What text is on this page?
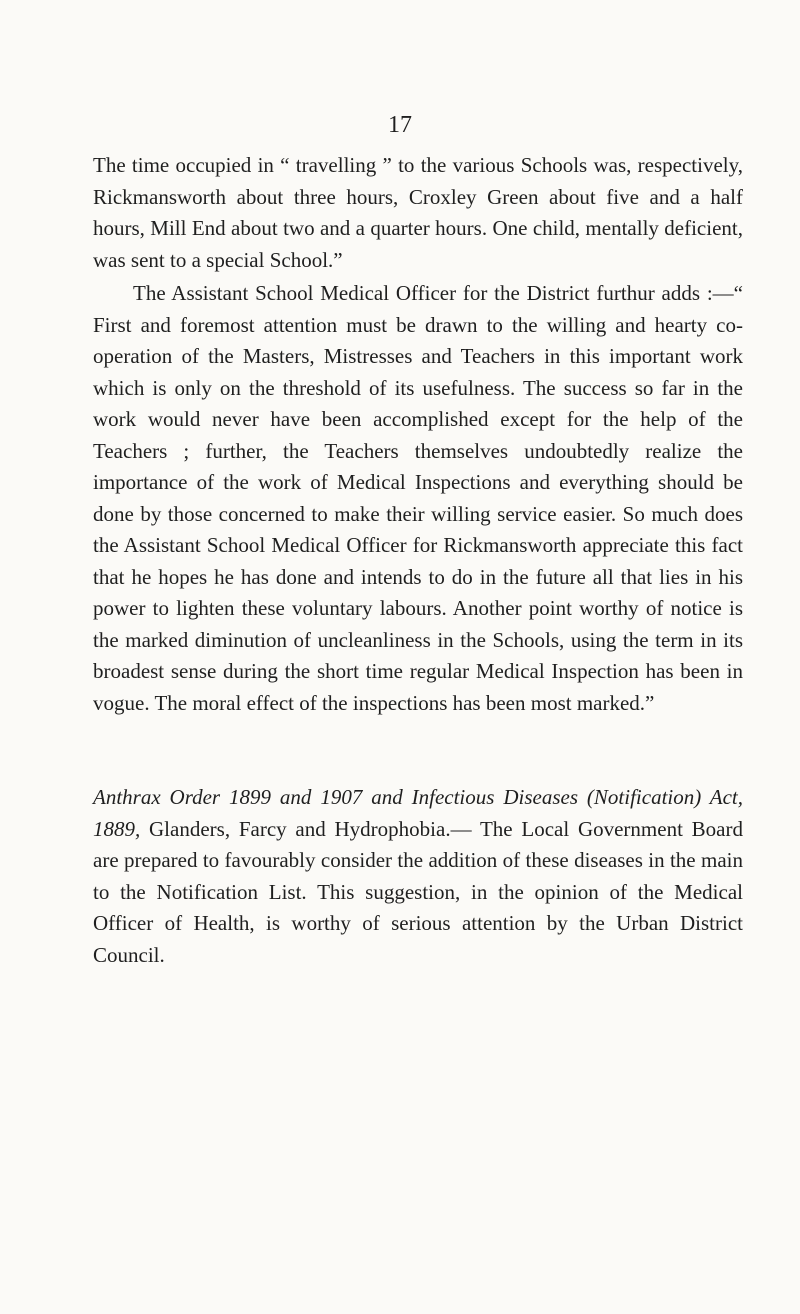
17

The time occupied in “ travelling ” to the various Schools was, respectively, Rickmansworth about three hours, Croxley Green about five and a half hours, Mill End about two and a quarter hours. One child, mentally deficient, was sent to a special School.”

The Assistant School Medical Officer for the District furthur adds :—“ First and foremost attention must be drawn to the willing and hearty co-operation of the Masters, Mistresses and Teachers in this important work which is only on the threshold of its usefulness. The success so far in the work would never have been accomplished except for the help of the Teachers ; further, the Teachers themselves undoubtedly realize the importance of the work of Medical Inspections and everything should be done by those concerned to make their willing service easier. So much does the Assistant School Medical Officer for Rickmansworth appreciate this fact that he hopes he has done and intends to do in the future all that lies in his power to lighten these voluntary labours. Another point worthy of notice is the marked diminution of uncleanliness in the Schools, using the term in its broadest sense during the short time regular Medical Inspection has been in vogue. The moral effect of the inspections has been most marked.”

Anthrax Order 1899 and 1907 and Infectious Diseases (Notification) Act, 1889, Glanders, Farcy and Hydrophobia.— The Local Government Board are prepared to favourably consider the addition of these diseases in the main to the Notification List. This suggestion, in the opinion of the Medical Officer of Health, is worthy of serious attention by the Urban District Council.
